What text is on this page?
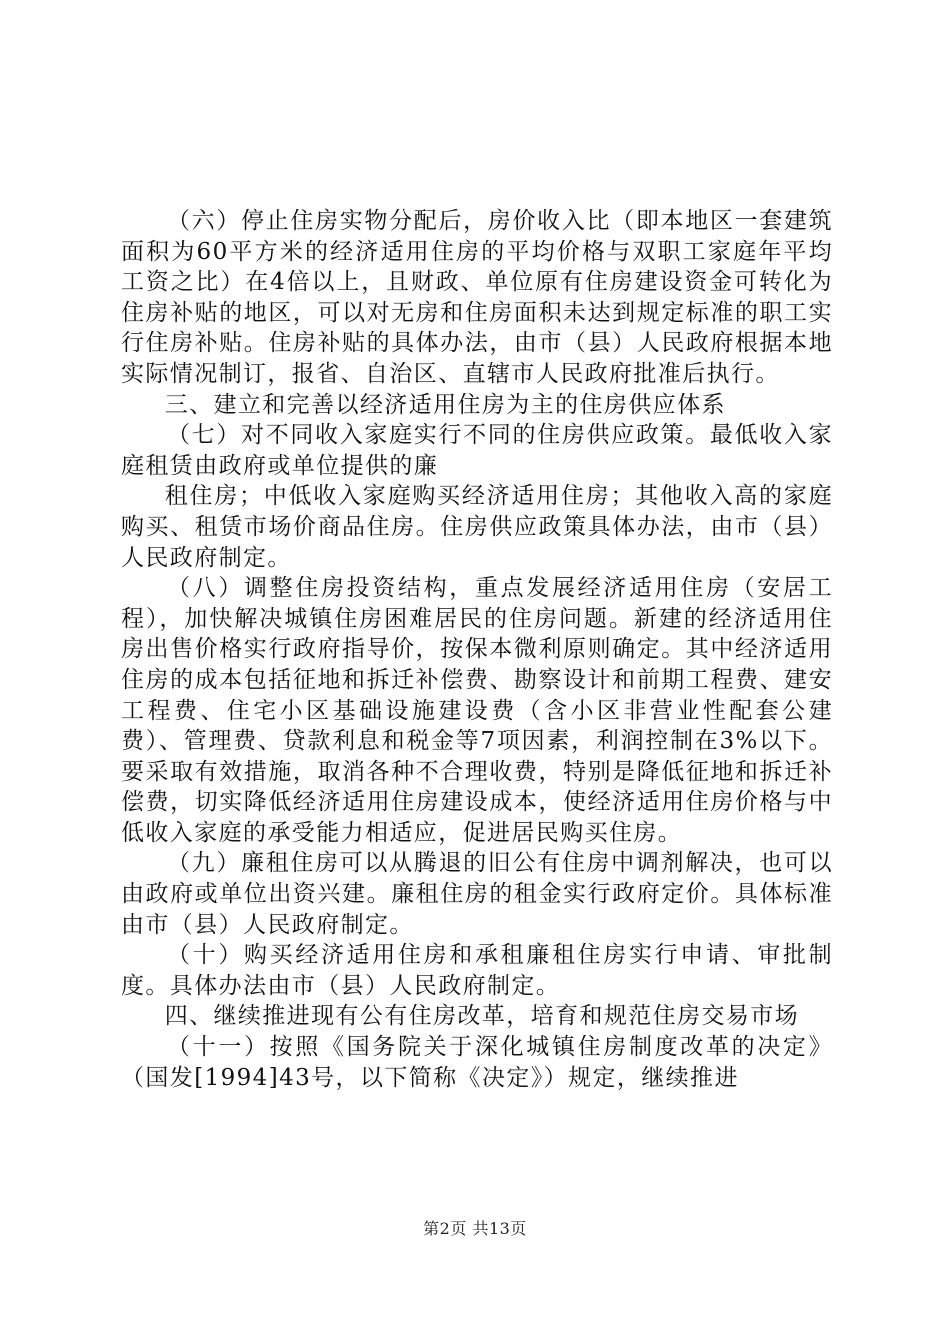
（六）停止住房实物分配后，房价收入比（即本地区一套建筑面积为60平方米的经济适用住房的平均价格与双职工家庭年平均工资之比）在4倍以上，且财政、单位原有住房建设资金可转化为住房补贴的地区，可以对无房和住房面积未达到规定标准的职工实行住房补贴。住房补贴的具体办法，由市（县）人民政府根据本地实际情况制订，报省、自治区、直辖市人民政府批准后执行。

三、建立和完善以经济适用住房为主的住房供应体系

（七）对不同收入家庭实行不同的住房供应政策。最低收入家庭租赁由政府或单位提供的廉

租住房；中低收入家庭购买经济适用住房；其他收入高的家庭购买、租赁市场价商品住房。住房供应政策具体办法，由市（县）人民政府制定。

（八）调整住房投资结构，重点发展经济适用住房（安居工程），加快解决城镇住房困难居民的住房问题。新建的经济适用住房出售价格实行政府指导价，按保本微利原则确定。其中经济适用住房的成本包括征地和拆迁补偿费、勘察设计和前期工程费、建安工程费、住宅小区基础设施建设费（含小区非营业性配套公建费）、管理费、贷款利息和税金等7项因素，利润控制在3%以下。要采取有效措施，取消各种不合理收费，特别是降低征地和拆迁补偿费，切实降低经济适用住房建设成本，使经济适用住房价格与中低收入家庭的承受能力相适应，促进居民购买住房。

（九）廉租住房可以从腾退的旧公有住房中调剂解决，也可以由政府或单位出资兴建。廉租住房的租金实行政府定价。具体标准由市（县）人民政府制定。

（十）购买经济适用住房和承租廉租住房实行申请、审批制度。具体办法由市（县）人民政府制定。

四、继续推进现有公有住房改革，培育和规范住房交易市场

（十一）按照《国务院关于深化城镇住房制度改革的决定》（国发[1994]43号，以下简称《决定》）规定，继续推进

第2页 共13页
